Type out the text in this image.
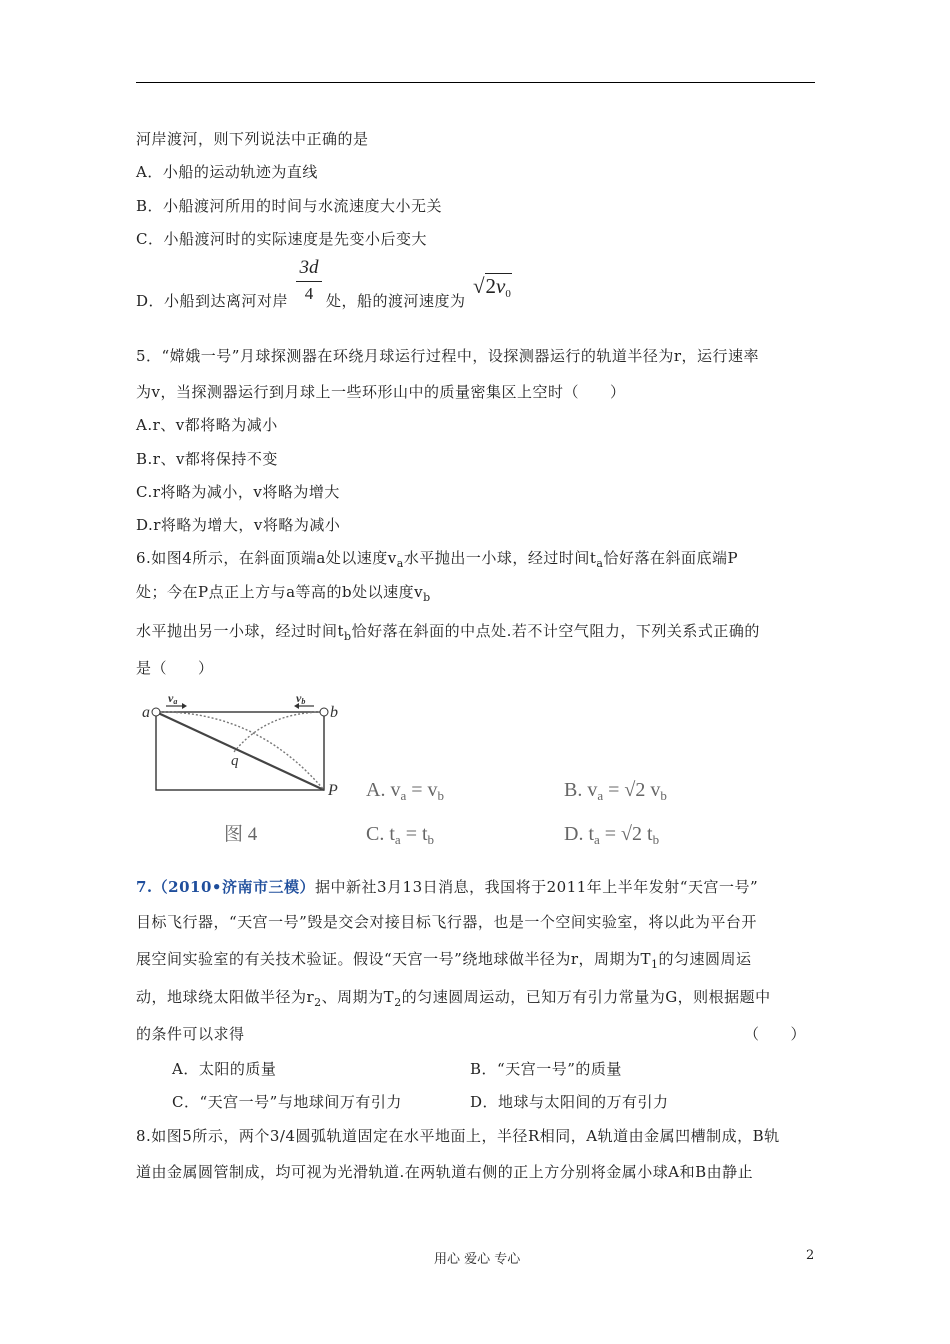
河岸渡河，则下列说法中正确的是
A．小船的运动轨迹为直线
B．小船渡河所用的时间与水流速度大小无关
C．小船渡河时的实际速度是先变小后变大
D．小船到达离河对岸	处，船的渡河速度为
3d
4	$√2v_0$
5．“嫦娥一号”月球探测器在环绕月球运行过程中，设探测器运行的轨道半径为r，运行速率
为v，当探测器运行到月球上一些环形山中的质量密集区上空时（　　）
A.r、v都将略为减小
B.r、v都将保持不变
C.r将略为减小，v将略为增大
D.r将略为增大，v将略为减小
6.如图4所示，在斜面顶端a处以速度$v_a$水平抛出一小球，经过时间$t_a$恰好落在斜面底端P
处；今在P点正上方与a等高的b处以速度$v_b$
水平抛出另一小球，经过时间$t_b$恰好落在斜面的中点处.若不计空气阻力，下列关系式正确的
是（　　）
a	b
q
P
va	vb
图 4
A. $v_a = v_b$	B. $v_a = √2$ $v_b$
C. $t_a = t_b$	D. $t_a = √2$ $t_b$
7.（2010•济南市三模）据中新社3月13日消息，我国将于2011年上半年发射“天宫一号”
目标飞行器，“天宫一号”毁是交会对接目标飞行器，也是一个空间实验室，将以此为平台开
展空间实验室的有关技术验证。假设“天宫一号”绕地球做半径为r，周期为$T_1$的匀速圆周运
动，地球绕太阳做半径为$r_2$、周期为$T_2$的匀速圆周运动，已知万有引力常量为G，则根据题中
的条件可以求得	（　　）
A．太阳的质量	B．“天宫一号”的质量
C．“天宫一号”与地球间万有引力	D．地球与太阳间的万有引力
8.如图5所示，两个3/4圆弧轨道固定在水平地面上，半径R相同，A轨道由金属凹槽制成，B轨
道由金属圆管制成，均可视为光滑轨道.在两轨道右侧的正上方分别将金属小球A和B由静止
用心 爱心 专心	2
